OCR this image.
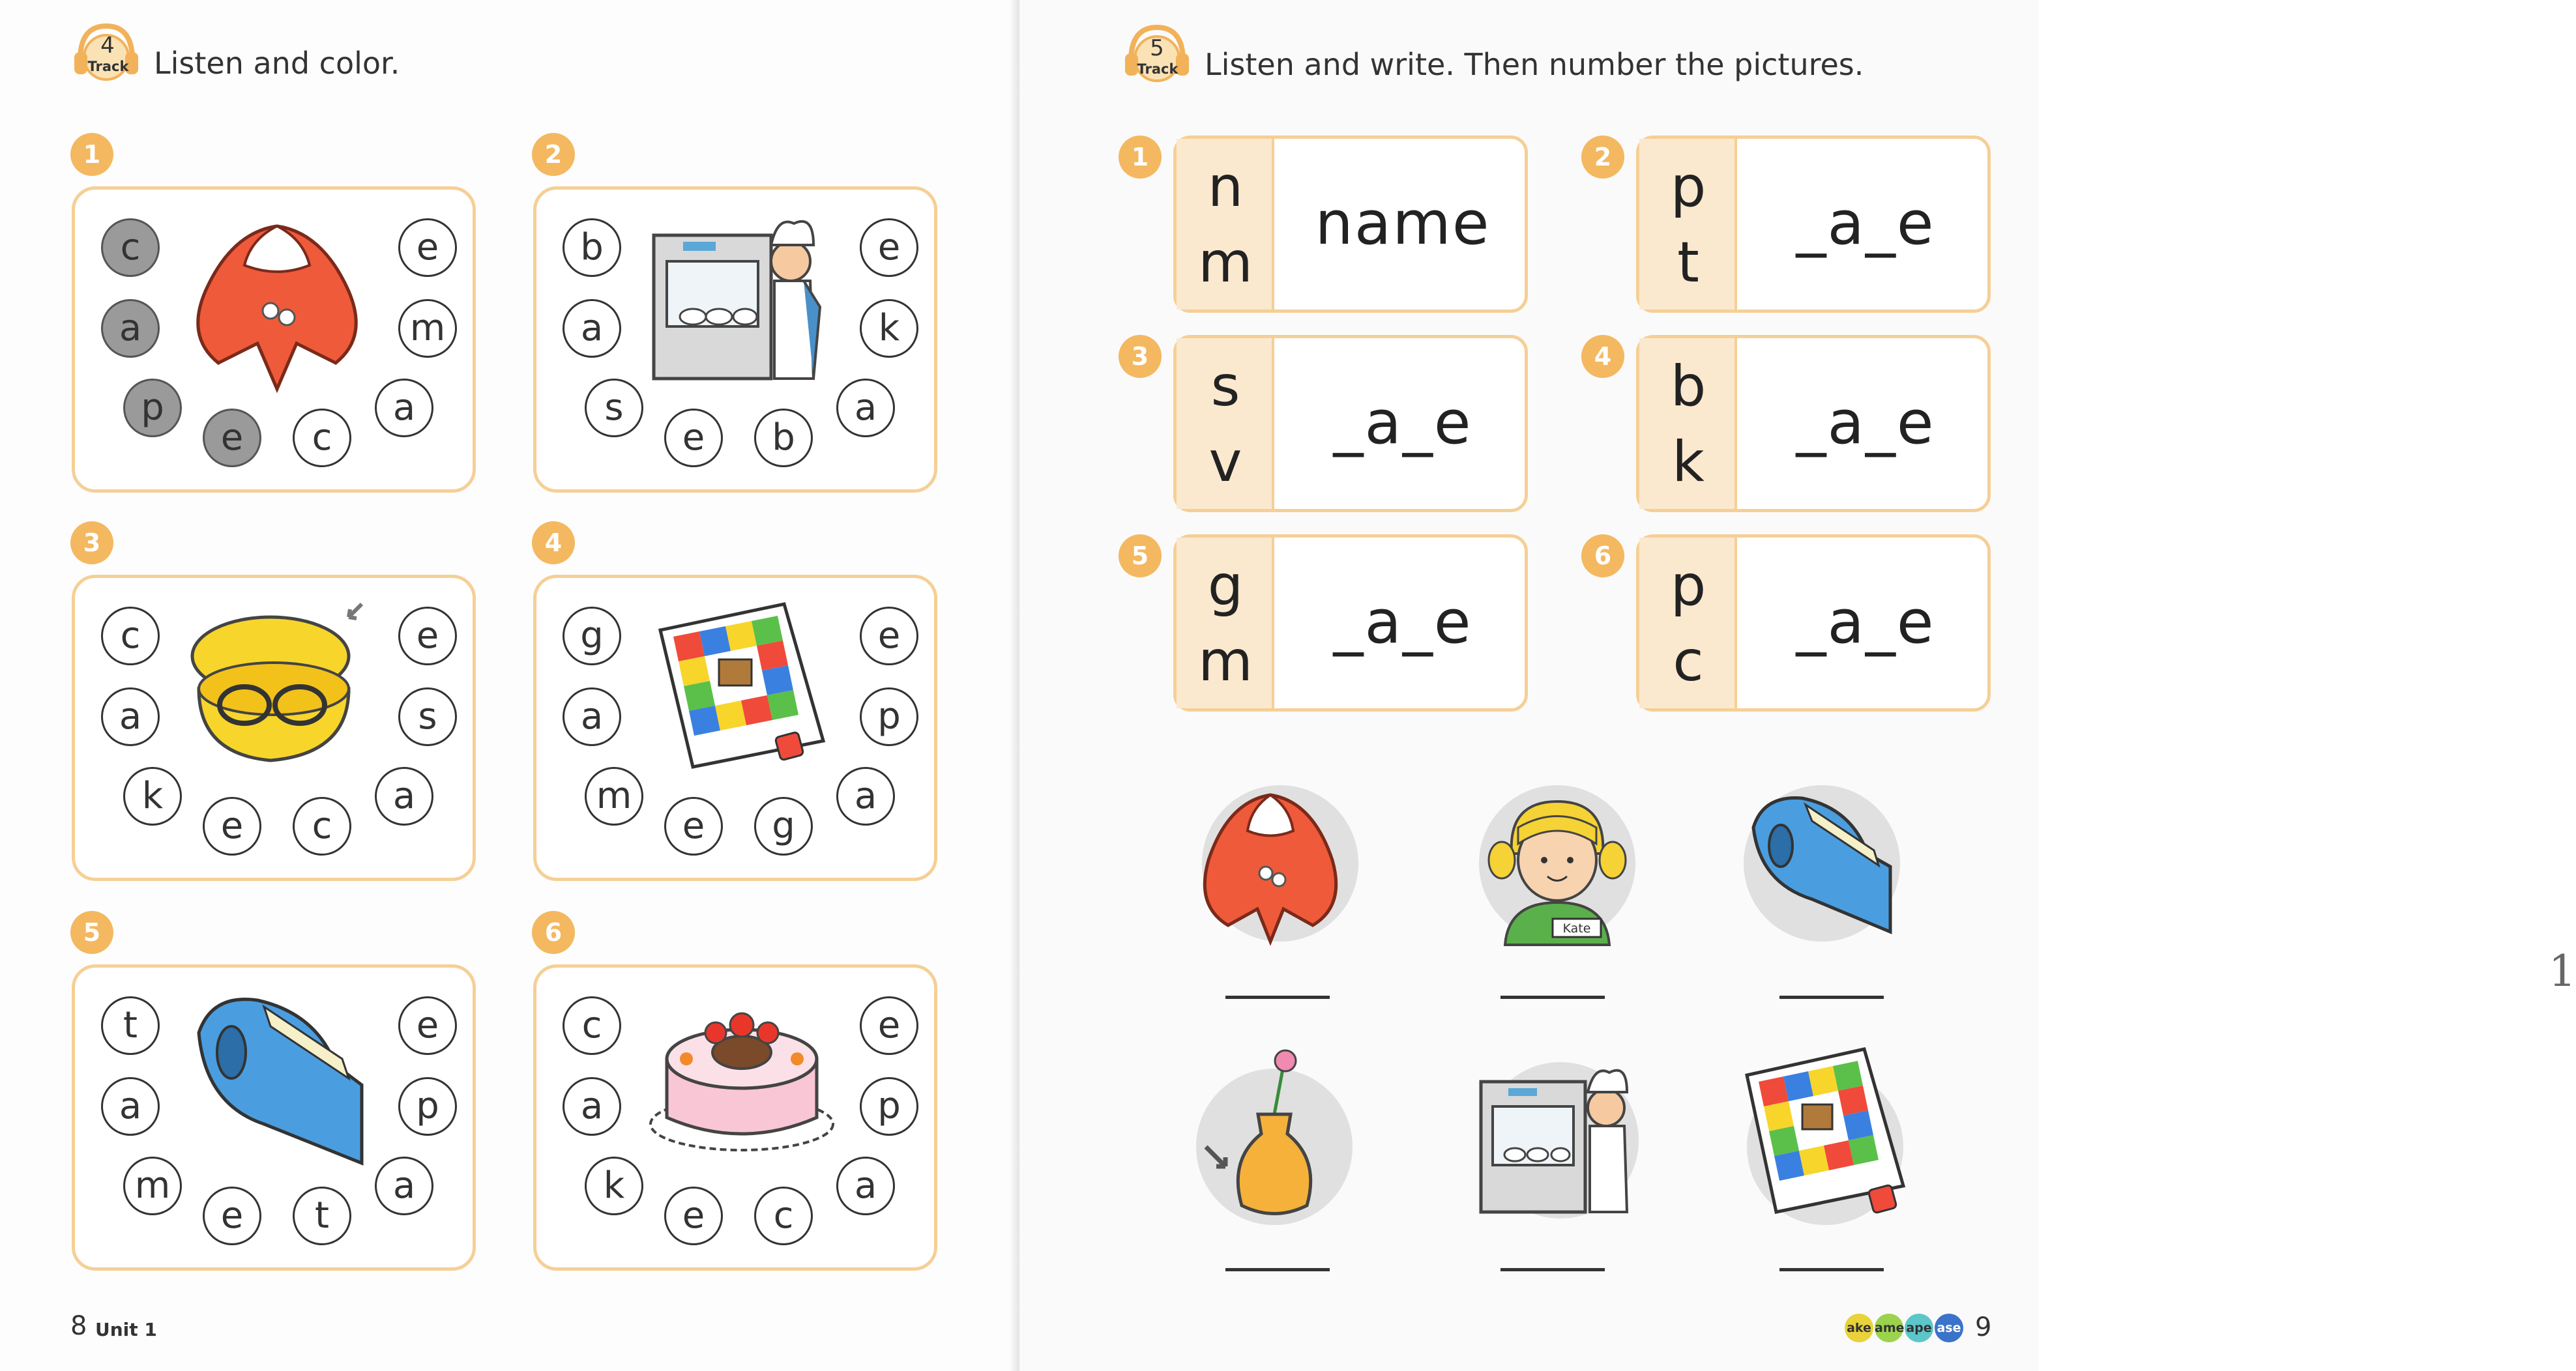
4
Track Listen and color.
1
c	e
a	m
p	a
e	c
2
b	e
a	k
s	a
e	b
3
c	e
a	s
k	a
e	c
4
g	e
a	p
m	a
e	g
5
t	e
a	p
m	a
e	t
6
c	e
a	p
k	a
e	c
8 Unit 1
5
Track Listen and write. Then number the pictures.
1	n
m
name
2	p
t
_a_e
3	s
v
_a_e
4	b
k
_a_e
5	g
m
_a_e
6	p
c
_a_e
Kate
1
ake ame ape ase 9
